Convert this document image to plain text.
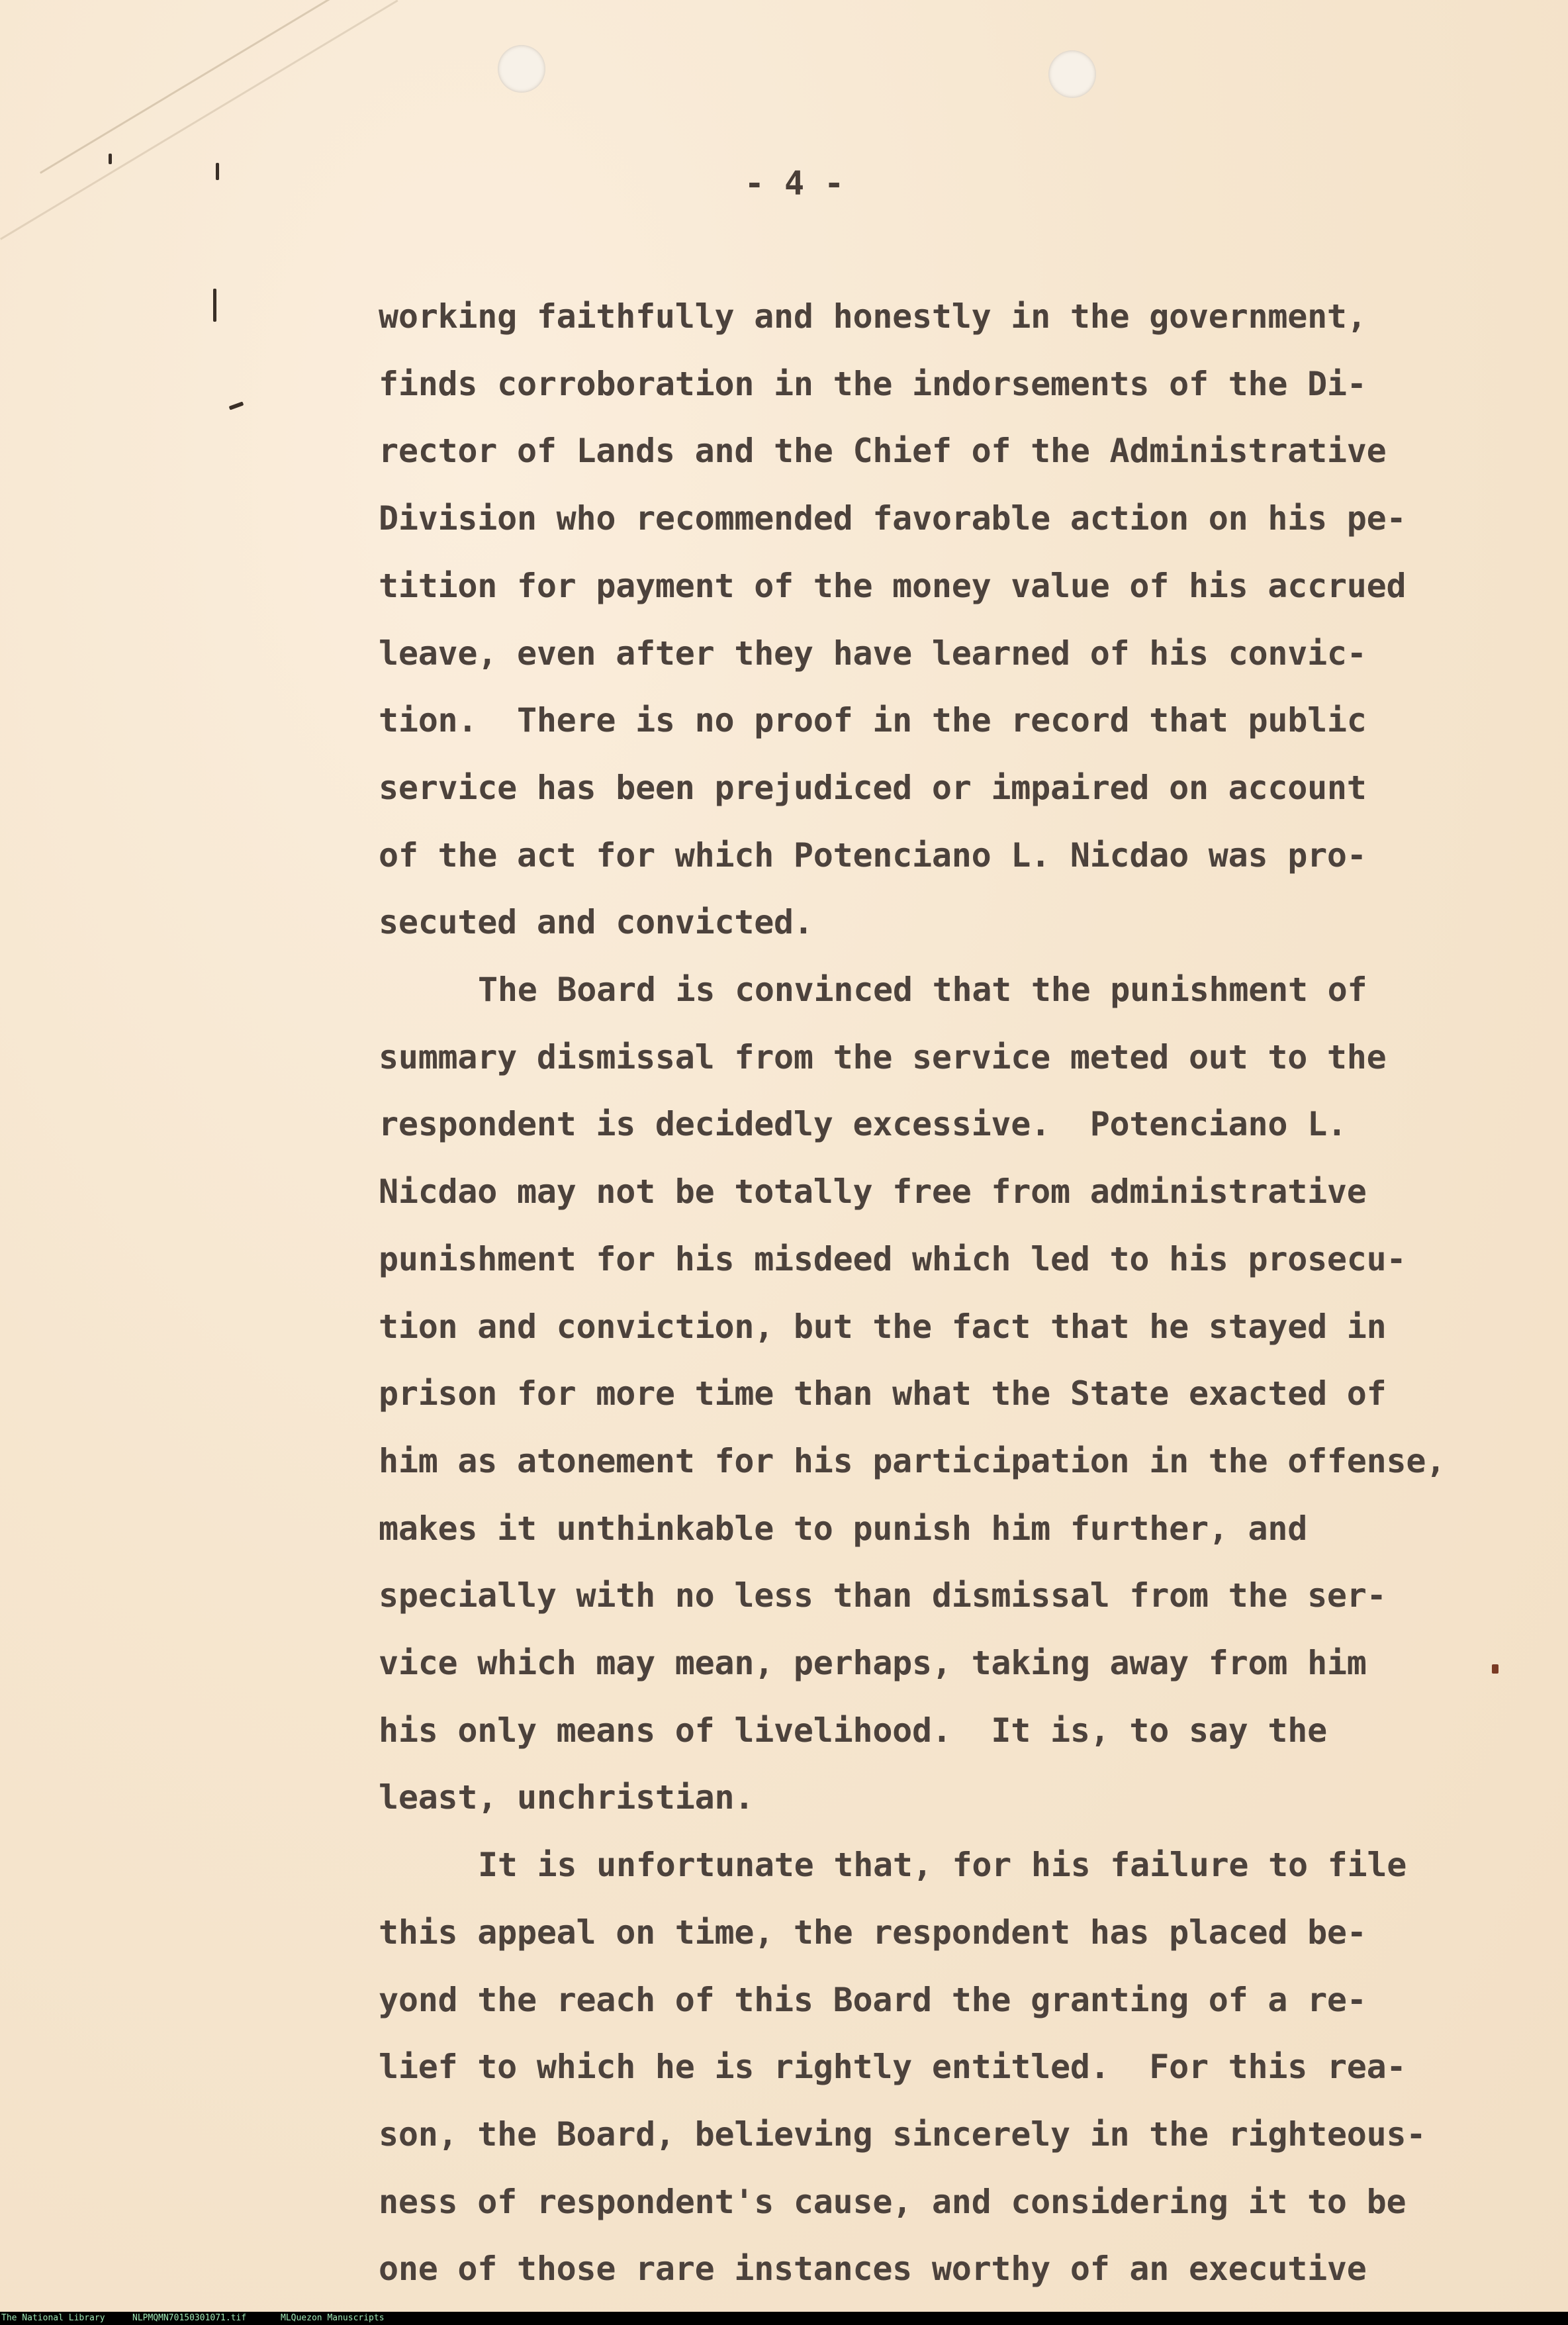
- 4 -
working faithfully and honestly in the government,
finds corroboration in the indorsements of the Di-
rector of Lands and the Chief of the Administrative
Division who recommended favorable action on his pe-
tition for payment of the money value of his accrued
leave, even after they have learned of his convic-
tion.  There is no proof in the record that public
service has been prejudiced or impaired on account
of the act for which Potenciano L. Nicdao was pro-
secuted and convicted.
The Board is convinced that the punishment of
summary dismissal from the service meted out to the
respondent is decidedly excessive.  Potenciano L.
Nicdao may not be totally free from administrative
punishment for his misdeed which led to his prosecu-
tion and conviction, but the fact that he stayed in
prison for more time than what the State exacted of
him as atonement for his participation in the offense,
makes it unthinkable to punish him further, and
specially with no less than dismissal from the ser-
vice which may mean, perhaps, taking away from him
his only means of livelihood.  It is, to say the
least, unchristian.
It is unfortunate that, for his failure to file
this appeal on time, the respondent has placed be-
yond the reach of this Board the granting of a re-
lief to which he is rightly entitled.  For this rea-
son, the Board, believing sincerely in the righteous-
ness of respondent's cause, and considering it to be
one of those rare instances worthy of an executive
The National Library	NLPMQMN70150301071.tif	MLQuezon Manuscripts
